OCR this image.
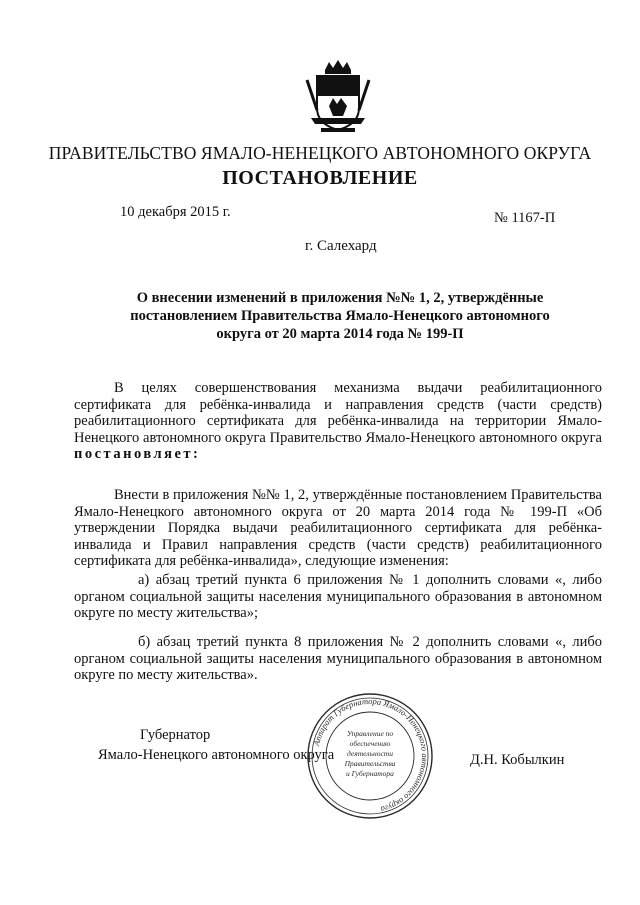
ПРАВИТЕЛЬСТВО ЯМАЛО-НЕНЕЦКОГО АВТОНОМНОГО ОКРУГА
ПОСТАНОВЛЕНИЕ
10 декабря 2015 г.	№ 1167-П
г. Салехард
О внесении изменений в приложения №№ 1, 2, утверждённые постановлением Правительства Ямало-Ненецкого автономного округа от 20 марта 2014 года № 199-П
В целях совершенствования механизма выдачи реабилитационного сертификата для ребёнка-инвалида и направления средств (части средств) реабилитационного сертификата для ребёнка-инвалида на территории Ямало-Ненецкого автономного округа Правительство Ямало-Ненецкого автономного округа постановляет:
Внести в приложения №№ 1, 2, утверждённые постановлением Правительства Ямало-Ненецкого автономного округа от 20 марта 2014 года № 199-П «Об утверждении Порядка выдачи реабилитационного сертификата для ребёнка-инвалида и Правил направления средств (части средств) реабилитационного сертификата для ребёнка-инвалида», следующие изменения:
а) абзац третий пункта 6 приложения № 1 дополнить словами «, либо органом социальной защиты населения муниципального образования в автономном округе по месту жительства»;
б) абзац третий пункта 8 приложения № 2 дополнить словами «, либо органом социальной защиты населения муниципального образования в автономном округе по месту жительства».
Губернатор
Ямало-Ненецкого автономного округа	Д.Н. Кобылкин
Аппарат Губернатора Ямало-Ненецкого автономного округа
Управление по
обеспечению
деятельности
Правительства
и Губернатора
